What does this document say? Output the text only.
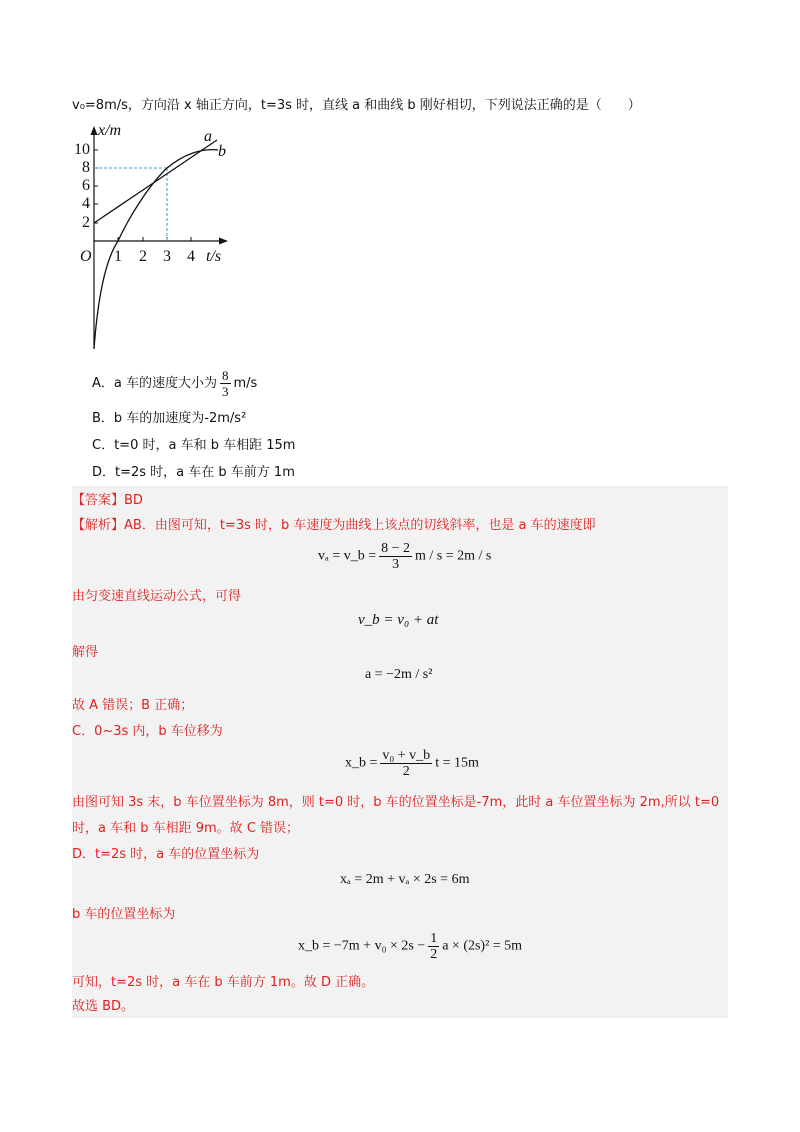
v₀=8m/s，方向沿 x 轴正方向，t=3s 时，直线 a 和曲线 b 刚好相切，下列说法正确的是（　　）
x/m	a
b
10
8
6
4
2
O 1 2 3 4 t/s
A．a 车的速度大小为 $\frac{8}{3} m/s$
B．b 车的加速度为-2m/s²
C．t=0 时，a 车和 b 车相距 15m
D．t=2s 时，a 车在 b 车前方 1m
【答案】BD
【解析】AB．由图可知，t=3s 时，b 车速度为曲线上该点的切线斜率，也是 a 车的速度即
vₐ = v_b = $\frac{8 - 2}{3}$ m / s = 2m / s
由匀变速直线运动公式，可得
v_b = v₀ + at
解得
a = −2m / s²
故 A 错误；B 正确；
C．0~3s 内，b 车位移为
x_b = $\frac{\text{v₀ + v\_b}}{2}$ t = 15m
由图可知 3s 末，b 车位置坐标为 8m，则 t=0 时，b 车的位置坐标是-7m，此时 a 车位置坐标为 2m,所以 t=0
时，a 车和 b 车相距 9m。故 C 错误；
D．t=2s 时，a 车的位置坐标为
xₐ = 2m + vₐ × 2s = 6m
b 车的位置坐标为
x_b = $-7m + v_0 \times 2s - \frac{1}{2}$ a × (2s)² = 5m
可知，t=2s 时，a 车在 b 车前方 1m。故 D 正确。
故选 BD。
